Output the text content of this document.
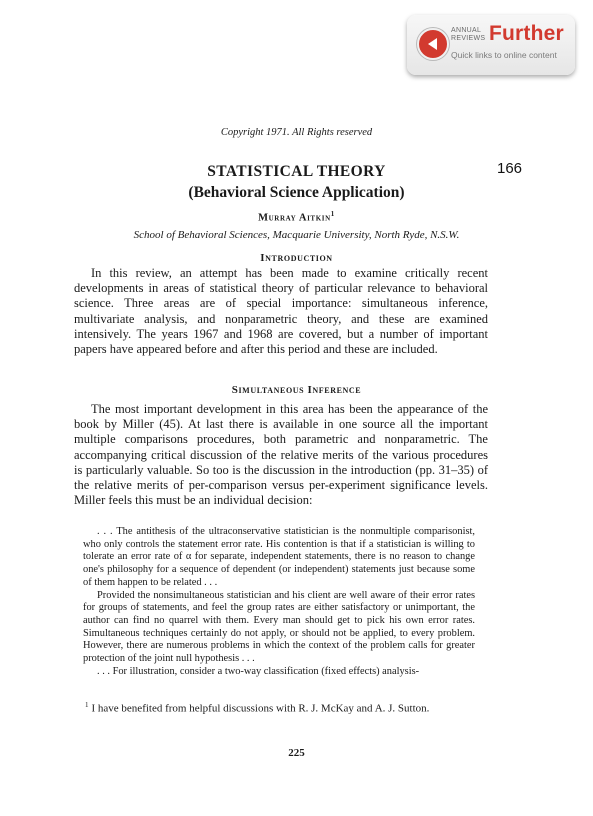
ANNUAL
REVIEWS Further
Quick links to online content
Copyright 1971. All Rights reserved
166
STATISTICAL THEORY
(Behavioral Science Application)
Murray Aitkin$^1$
School of Behavioral Sciences, Macquarie University, North Ryde, N.S.W.
Introduction

In this review, an attempt has been made to examine critically recent developments in areas of statistical theory of particular relevance to behavioral science. Three areas are of special importance: simultaneous inference, multivariate analysis, and nonparametric theory, and these are examined intensively. The years 1967 and 1968 are covered, but a number of important papers have appeared before and after this period and these are included.

Simultaneous Inference

The most important development in this area has been the appearance of the book by Miller (45). At last there is available in one source all the important multiple comparisons procedures, both parametric and nonparametric. The accompanying critical discussion of the relative merits of the various procedures is particularly valuable. So too is the discussion in the introduction (pp. 31–35) of the relative merits of per-comparison versus per-experiment significance levels. Miller feels this must be an individual decision:

. . . The antithesis of the ultraconservative statistician is the nonmultiple comparisonist, who only controls the statement error rate. His contention is that if a statistician is willing to tolerate an error rate of α for separate, independent statements, there is no reason to change one's philosophy for a sequence of dependent (or independent) statements just because some of them happen to be related . . .

Provided the nonsimultaneous statistician and his client are well aware of their error rates for groups of statements, and feel the group rates are either satisfactory or unimportant, the author can find no quarrel with them. Every man should get to pick his own error rates. Simultaneous techniques certainly do not apply, or should not be applied, to every problem. However, there are numerous problems in which the context of the problem calls for greater protection of the joint null hypothesis . . .

. . . For illustration, consider a two-way classification (fixed effects) analysis-

$^1$ I have benefited from helpful discussions with R. J. McKay and A. J. Sutton.
225
